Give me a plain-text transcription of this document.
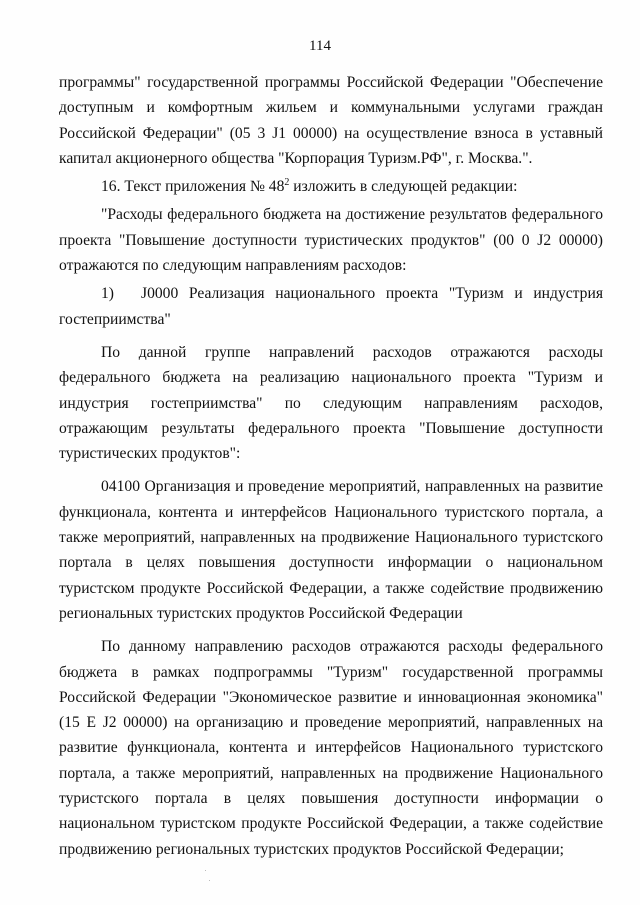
114

программы" государственной программы Российской Федерации "Обеспечение доступным и комфортным жильем и коммунальными услугами граждан Российской Федерации" (05 3 J1 00000) на осуществление взноса в уставный капитал акционерного общества "Корпорация Туризм.РФ", г. Москва.".

16. Текст приложения № $48^2$ изложить в следующей редакции:

"Расходы федерального бюджета на достижение результатов федерального проекта "Повышение доступности туристических продуктов" (00 0 J2 00000) отражаются по следующим направлениям расходов:

1) J0000 Реализация национального проекта "Туризм и индустрия гостеприимства"

По данной группе направлений расходов отражаются расходы федерального бюджета на реализацию национального проекта "Туризм и индустрия гостеприимства" по следующим направлениям расходов, отражающим результаты федерального проекта "Повышение доступности туристических продуктов":

04100 Организация и проведение мероприятий, направленных на развитие функционала, контента и интерфейсов Национального туристского портала, а также мероприятий, направленных на продвижение Национального туристского портала в целях повышения доступности информации о национальном туристском продукте Российской Федерации, а также содействие продвижению региональных туристских продуктов Российской Федерации

По данному направлению расходов отражаются расходы федерального бюджета в рамках подпрограммы "Туризм" государственной программы Российской Федерации "Экономическое развитие и инновационная экономика" (15 Е J2 00000) на организацию и проведение мероприятий, направленных на развитие функционала, контента и интерфейсов Национального туристского портала, а также мероприятий, направленных на продвижение Национального туристского портала в целях повышения доступности информации о национальном туристском продукте Российской Федерации, а также содействие продвижению региональных туристских продуктов Российской Федерации;
